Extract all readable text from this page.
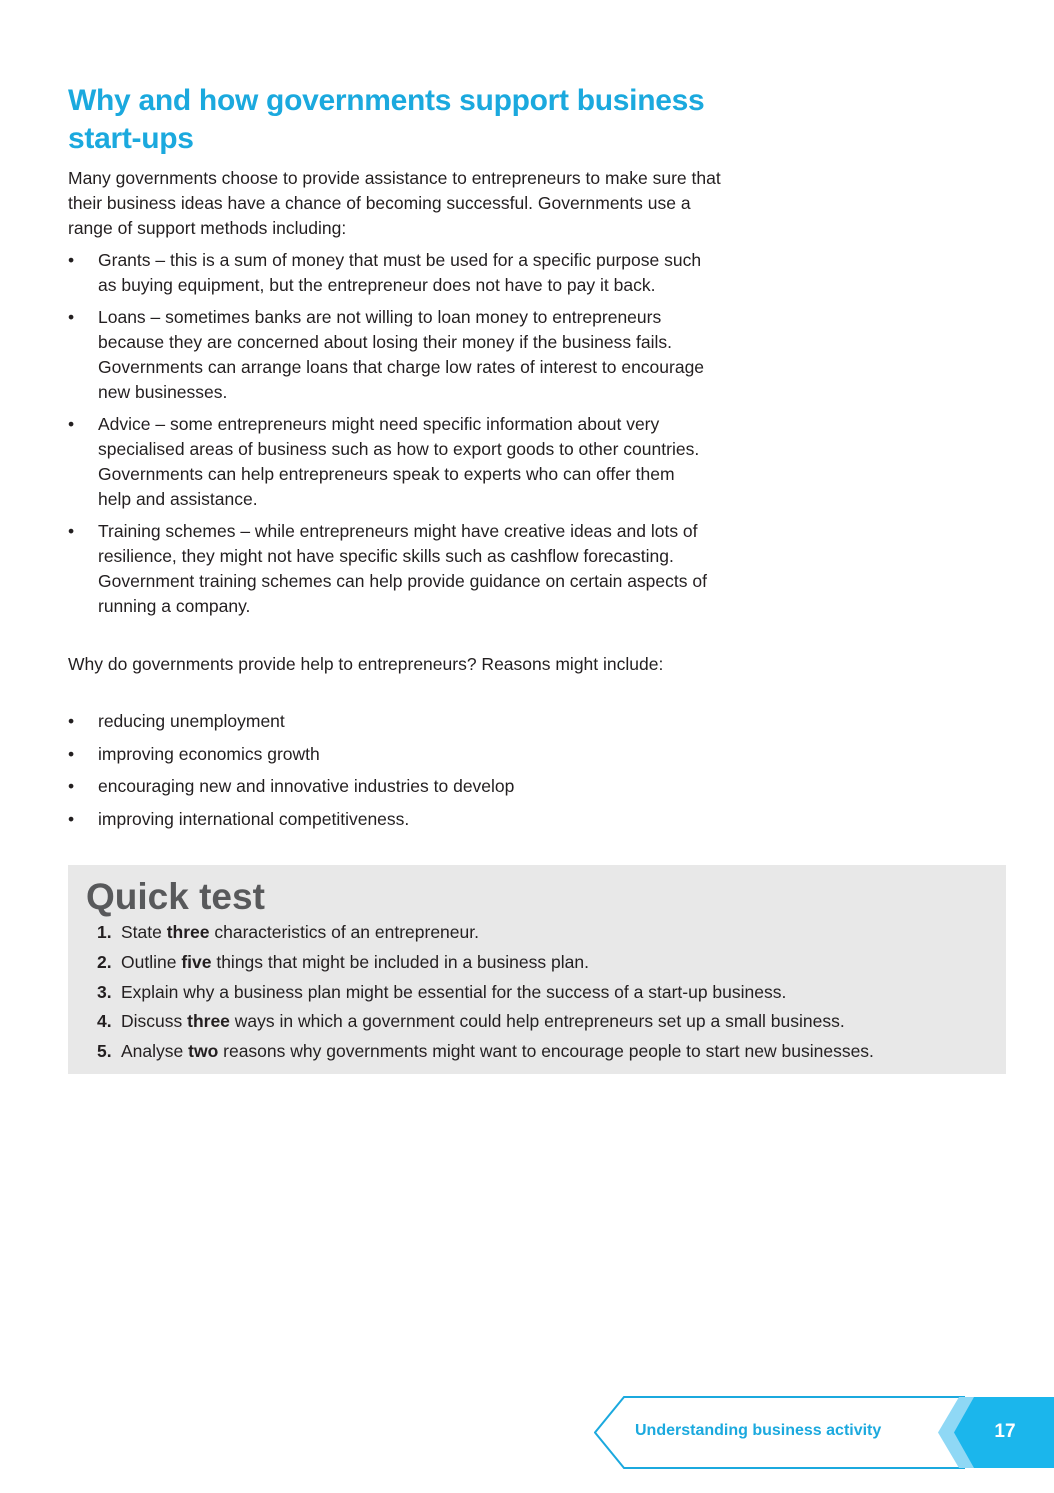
Why and how governments support business start-ups

Many governments choose to provide assistance to entrepreneurs to make sure that their business ideas have a chance of becoming successful. Governments use a range of support methods including:

• Grants – this is a sum of money that must be used for a specific purpose such as buying equipment, but the entrepreneur does not have to pay it back.
• Loans – sometimes banks are not willing to loan money to entrepreneurs because they are concerned about losing their money if the business fails. Governments can arrange loans that charge low rates of interest to encourage new businesses.
• Advice – some entrepreneurs might need specific information about very specialised areas of business such as how to export goods to other countries. Governments can help entrepreneurs speak to experts who can offer them help and assistance.
• Training schemes – while entrepreneurs might have creative ideas and lots of resilience, they might not have specific skills such as cashflow forecasting. Government training schemes can help provide guidance on certain aspects of running a company.

Why do governments provide help to entrepreneurs? Reasons might include:

• reducing unemployment
• improving economics growth
• encouraging new and innovative industries to develop
• improving international competitiveness.
Quick test
1. State three characteristics of an entrepreneur.
2. Outline five things that might be included in a business plan.
3. Explain why a business plan might be essential for the success of a start-up business.
4. Discuss three ways in which a government could help entrepreneurs set up a small business.
5. Analyse two reasons why governments might want to encourage people to start new businesses.
Understanding business activity	17
